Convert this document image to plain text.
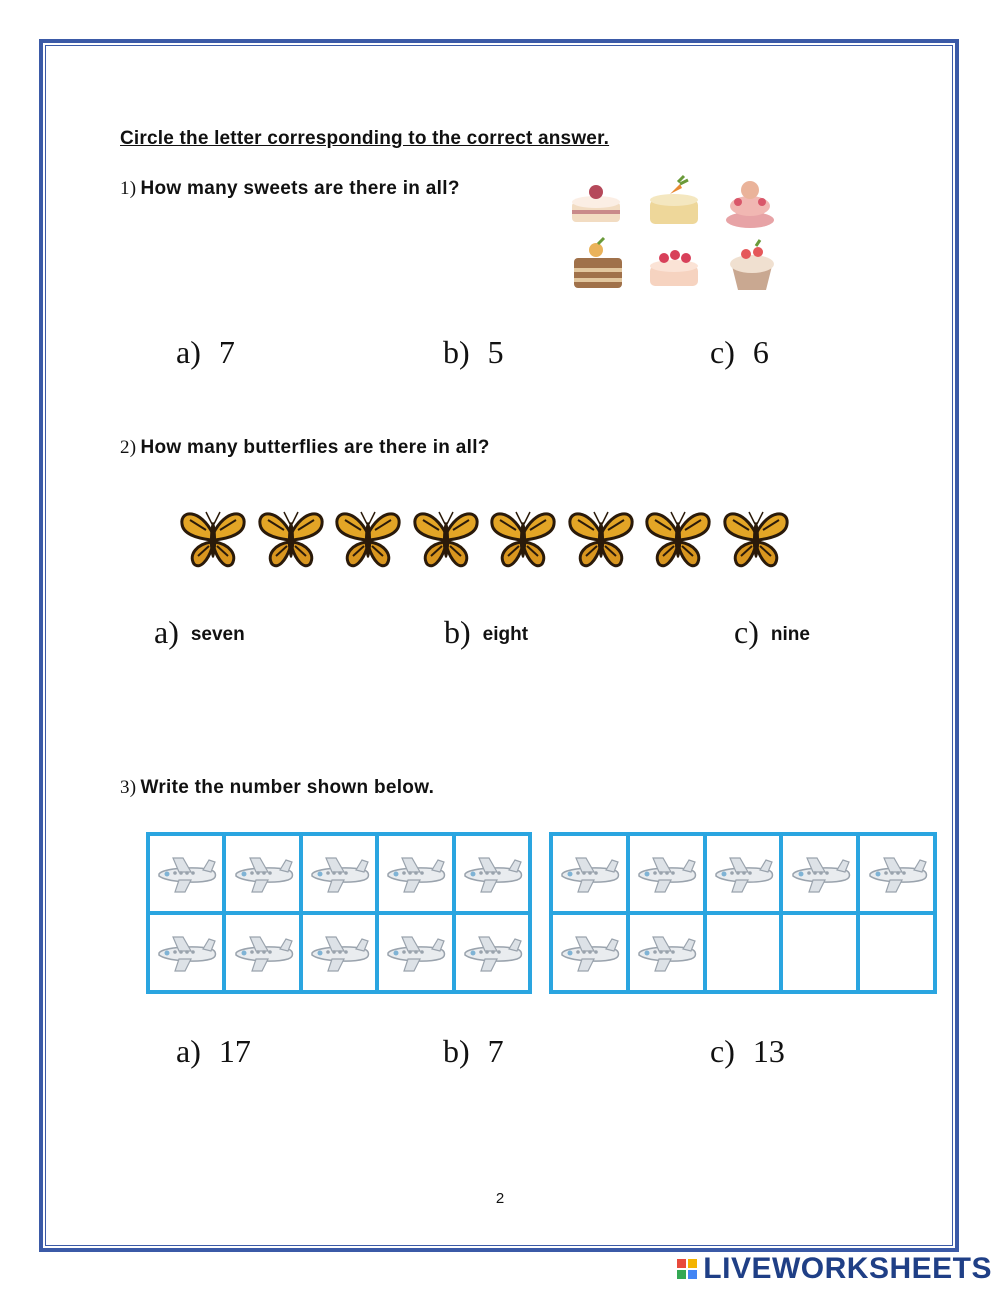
Circle the letter corresponding to the correct answer.
1) How many sweets are there in all?
a) 7	b) 5	c) 6
2) How many butterflies are there in all?
a) seven	b) eight	c) nine
3) Write the number shown below.
a) 17	b) 7	c) 13
2
LIVEWORKSHEETS
